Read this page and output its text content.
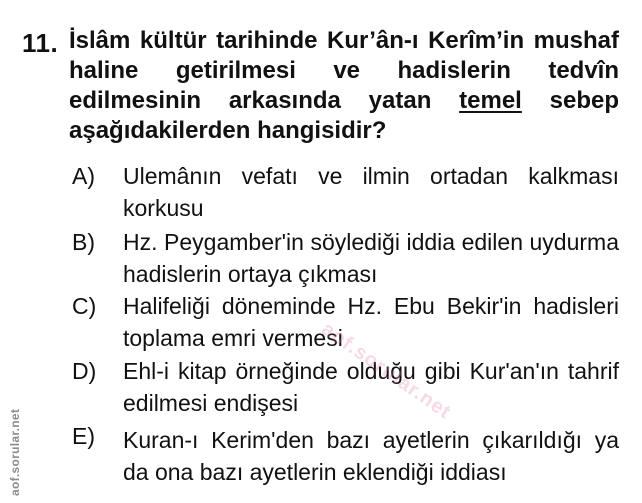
11. İslâm kültür tarihinde Kur’ân-ı Kerîm’in mushaf haline getirilmesi ve hadislerin tedvîn edilmesinin arkasında yatan temel sebep aşağıdakilerden hangisidir?
A) Ulemânın vefatı ve ilmin ortadan kalkması korkusu
B) Hz. Peygamber'in söylediği iddia edilen uydurma hadislerin ortaya çıkması
C) Halifeliği döneminde Hz. Ebu Bekir'in hadisleri toplama emri vermesi
D) Ehl-i kitap örneğinde olduğu gibi Kur'an'ın tahrif edilmesi endişesi
E) Kuran-ı Kerim'den bazı ayetlerin çıkarıldığı ya da ona bazı ayetlerin eklendiği iddiası
aof.sorular.net
aof.sorular.net
